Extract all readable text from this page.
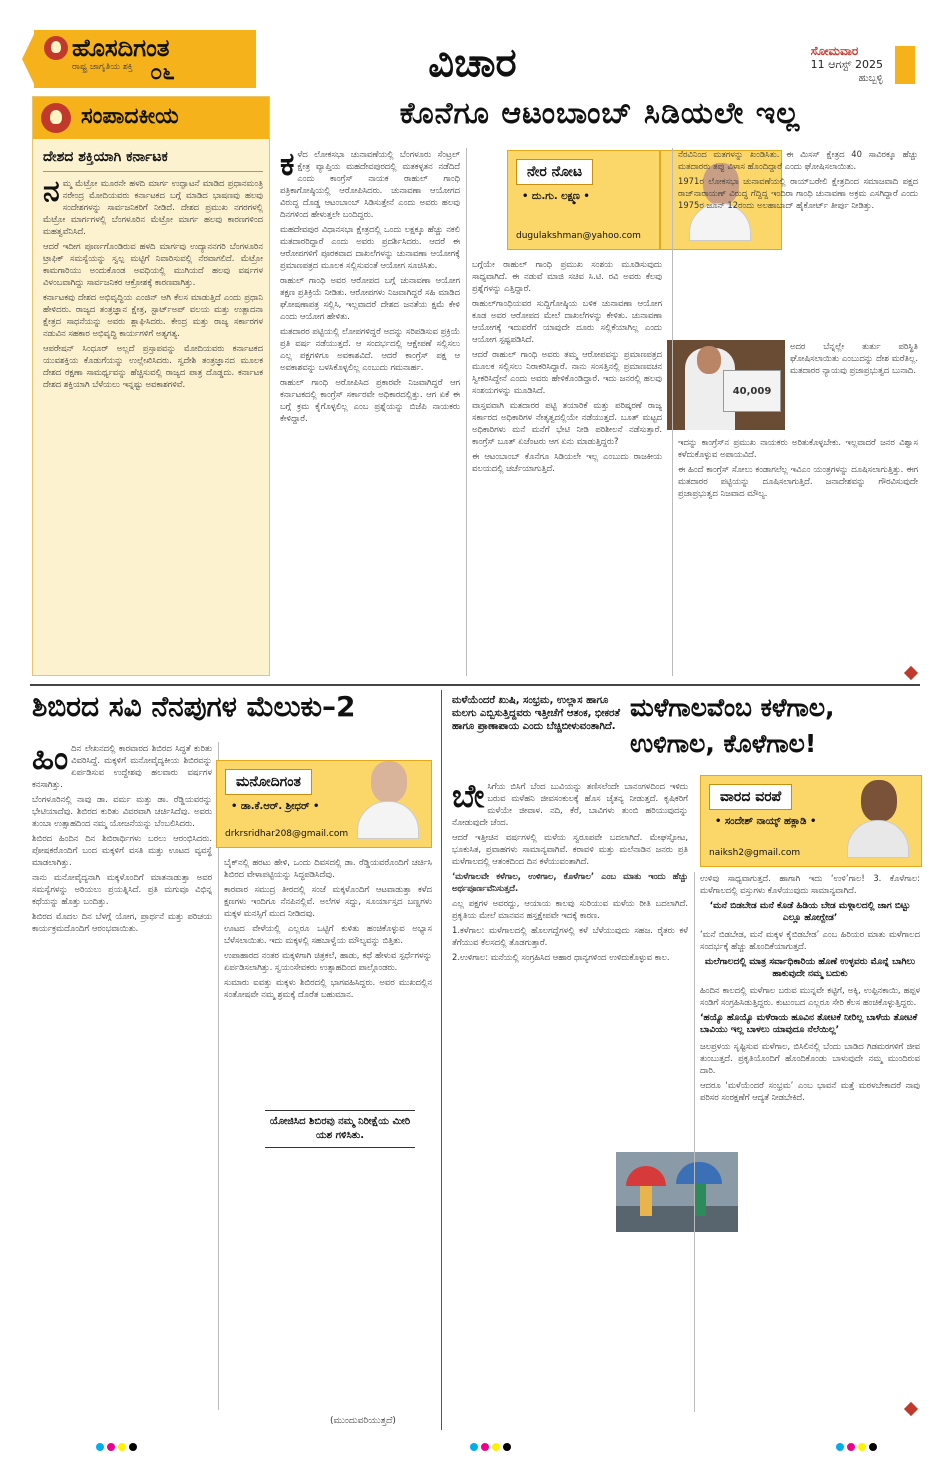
ಹೊಸದಿಗಂತ
ರಾಷ್ಟ್ರ ಜಾಗೃತಿಯ ಶಕ್ತಿ ೦೬	ವಿಚಾರ	ಸೋಮವಾರ
11 ಆಗಸ್ಟ್ 2025
ಹುಬ್ಬಳ್ಳಿ
ಸಂಪಾದಕೀಯ
ದೇಶದ ಶಕ್ತಿಯಾಗಿ ಕರ್ನಾಟಕ
ನ ಮ್ಮ ಮೆಟ್ರೋ ಮೂರನೇ ಹಳದಿ ಮಾರ್ಗ ಉದ್ಘಾಟನೆ ಮಾಡಿದ ಪ್ರಧಾನಮಂತ್ರಿ ನರೇಂದ್ರ ಮೋದಿಯವರು ಕರ್ನಾಟಕದ ಬಗ್ಗೆ ಮಾಡಿದ ಭಾಷಣವು ಹಲವು ಸಂದೇಶಗಳನ್ನು ಸಾರ್ವಜನಿಕರಿಗೆ ನೀಡಿದೆ. ದೇಶದ ಪ್ರಮುಖ ನಗರಗಳಲ್ಲಿ ಮೆಟ್ರೋ ಮಾರ್ಗಗಳಲ್ಲಿ ಬೆಂಗಳೂರಿನ ಮೆಟ್ರೋ ಮಾರ್ಗ ಹಲವು ಕಾರಣಗಳಿಂದ ಮಹತ್ವವೆನಿಸಿದೆ.

ಆದರೆ ಇದೀಗ ಪೂರ್ಣಗೊಂಡಿರುವ ಹಳದಿ ಮಾರ್ಗವು ಉದ್ಯಾನನಗರಿ ಬೆಂಗಳೂರಿನ ಟ್ರಾಫಿಕ್ ಸಮಸ್ಯೆಯನ್ನು ಸ್ವಲ್ಪ ಮಟ್ಟಿಗೆ ನಿವಾರಿಸುವಲ್ಲಿ ನೆರವಾಗಲಿದೆ. ಮೆಟ್ರೋ ಕಾಮಗಾರಿಯು ಅಂದುಕೊಂಡ ಅವಧಿಯಲ್ಲಿ ಮುಗಿಯದೆ ಹಲವು ವರ್ಷಗಳ ವಿಳಂಬವಾಗಿದ್ದು ಸಾರ್ವಜನಿಕರ ಆಕ್ರೋಶಕ್ಕೆ ಕಾರಣವಾಗಿತ್ತು.

ಕರ್ನಾಟಕವು ದೇಶದ ಅಭಿವೃದ್ಧಿಯ ಎಂಜಿನ್ ಆಗಿ ಕೆಲಸ ಮಾಡುತ್ತಿದೆ ಎಂದು ಪ್ರಧಾನಿ ಹೇಳಿದರು. ರಾಜ್ಯದ ತಂತ್ರಜ್ಞಾನ ಕ್ಷೇತ್ರ, ಸ್ಟಾರ್ಟ್‌ಅಪ್ ವಲಯ ಮತ್ತು ಉತ್ಪಾದನಾ ಕ್ಷೇತ್ರದ ಸಾಧನೆಯನ್ನು ಅವರು ಶ್ಲಾಘಿಸಿದರು. ಕೇಂದ್ರ ಮತ್ತು ರಾಜ್ಯ ಸರ್ಕಾರಗಳ ನಡುವಿನ ಸಹಕಾರ ಅಭಿವೃದ್ಧಿ ಕಾರ್ಯಗಳಿಗೆ ಅತ್ಯಗತ್ಯ.

ಆಪರೇಷನ್ ಸಿಂಧೂರ್ ಅಲ್ಲದೆ ಪ್ರಸ್ತಾಪವನ್ನು ಮೋದಿಯವರು ಕರ್ನಾಟಕದ ಯುವಶಕ್ತಿಯ ಕೊಡುಗೆಯನ್ನು ಉಲ್ಲೇಖಿಸಿದರು. ಸ್ವದೇಶಿ ತಂತ್ರಜ್ಞಾನದ ಮೂಲಕ ದೇಶದ ರಕ್ಷಣಾ ಸಾಮರ್ಥ್ಯವನ್ನು ಹೆಚ್ಚಿಸುವಲ್ಲಿ ರಾಜ್ಯದ ಪಾತ್ರ ದೊಡ್ಡದು. ಕರ್ನಾಟಕ ದೇಶದ ಶಕ್ತಿಯಾಗಿ ಬೆಳೆಯಲು ಇನ್ನಷ್ಟು ಅವಕಾಶಗಳಿವೆ.

ಕೊನೆಗೂ ಆಟಂಬಾಂಬ್ ಸಿಡಿಯಲೇ ಇಲ್ಲ
ಕ ಳೆದ ಲೋಕಸಭಾ ಚುನಾವಣೆಯಲ್ಲಿ ಬೆಂಗಳೂರು ಸೆಂಟ್ರಲ್ ಕ್ಷೇತ್ರ ವ್ಯಾಪ್ತಿಯ ಮಹದೇವಪುರದಲ್ಲಿ ಮತಕಳ್ಳತನ ನಡೆದಿದೆ ಎಂದು ಕಾಂಗ್ರೆಸ್ ನಾಯಕ ರಾಹುಲ್ ಗಾಂಧಿ ಪತ್ರಿಕಾಗೋಷ್ಠಿಯಲ್ಲಿ ಆರೋಪಿಸಿದರು. ಚುನಾವಣಾ ಆಯೋಗದ ವಿರುದ್ಧ ದೊಡ್ಡ ಆಟಂಬಾಂಬ್ ಸಿಡಿಸುತ್ತೇನೆ ಎಂದು ಅವರು ಹಲವು ದಿನಗಳಿಂದ ಹೇಳುತ್ತಲೇ ಬಂದಿದ್ದರು.

ಮಹದೇವಪುರ ವಿಧಾನಸಭಾ ಕ್ಷೇತ್ರದಲ್ಲಿ ಒಂದು ಲಕ್ಷಕ್ಕೂ ಹೆಚ್ಚು ನಕಲಿ ಮತದಾರರಿದ್ದಾರೆ ಎಂದು ಅವರು ಪ್ರದರ್ಶಿಸಿದರು. ಆದರೆ ಈ ಆರೋಪಗಳಿಗೆ ಪೂರಕವಾದ ದಾಖಲೆಗಳನ್ನು ಚುನಾವಣಾ ಆಯೋಗಕ್ಕೆ ಪ್ರಮಾಣಪತ್ರದ ಮೂಲಕ ಸಲ್ಲಿಸುವಂತೆ ಆಯೋಗ ಸೂಚಿಸಿತು.

ರಾಹುಲ್ ಗಾಂಧಿ ಅವರ ಆರೋಪದ ಬಗ್ಗೆ ಚುನಾವಣಾ ಆಯೋಗ ತಕ್ಷಣ ಪ್ರತಿಕ್ರಿಯೆ ನೀಡಿತು. ಆರೋಪಗಳು ನಿಜವಾಗಿದ್ದರೆ ಸಹಿ ಮಾಡಿದ ಘೋಷಣಾಪತ್ರ ಸಲ್ಲಿಸಿ, ಇಲ್ಲವಾದರೆ ದೇಶದ ಜನತೆಯ ಕ್ಷಮೆ ಕೇಳಿ ಎಂದು ಆಯೋಗ ಹೇಳಿತು.

ಮತದಾರರ ಪಟ್ಟಿಯಲ್ಲಿ ಲೋಪಗಳಿದ್ದರೆ ಅದನ್ನು ಸರಿಪಡಿಸುವ ಪ್ರಕ್ರಿಯೆ ಪ್ರತಿ ವರ್ಷ ನಡೆಯುತ್ತದೆ. ಆ ಸಂದರ್ಭದಲ್ಲಿ ಆಕ್ಷೇಪಣೆ ಸಲ್ಲಿಸಲು ಎಲ್ಲ ಪಕ್ಷಗಳಿಗೂ ಅವಕಾಶವಿದೆ. ಆದರೆ ಕಾಂಗ್ರೆಸ್ ಪಕ್ಷ ಆ ಅವಕಾಶವನ್ನು ಬಳಸಿಕೊಳ್ಳಲಿಲ್ಲ ಎಂಬುದು ಗಮನಾರ್ಹ.

ರಾಹುಲ್ ಗಾಂಧಿ ಅರೋಪಿಸಿದ ಪ್ರಕಾರವೇ ನಿಜವಾಗಿದ್ದರೆ ಆಗ ಕರ್ನಾಟಕದಲ್ಲಿ ಕಾಂಗ್ರೆಸ್ ಸರ್ಕಾರವೇ ಅಧಿಕಾರದಲ್ಲಿತ್ತು. ಆಗ ಏಕೆ ಈ ಬಗ್ಗೆ ಕ್ರಮ ಕೈಗೊಳ್ಳಲಿಲ್ಲ ಎಂಬ ಪ್ರಶ್ನೆಯನ್ನು ಬಿಜೆಪಿ ನಾಯಕರು ಕೇಳಿದ್ದಾರೆ.

ನೇರ ನೋಟ
• ದು.ಗು. ಲಕ್ಷ್ಮಣ •
dugulakshman@yahoo.com

ಬಗ್ಗೆಯೇ ರಾಹುಲ್ ಗಾಂಧಿ ಪ್ರಮುಖ ಸಂಶಯ ಮೂಡಿಸುವುದು ಸಾಧ್ಯವಾಗಿದೆ. ಈ ನಡುವೆ ಮಾಜಿ ಸಚಿವ ಸಿ.ಟಿ. ರವಿ ಅವರು ಕೆಲವು ಪ್ರಶ್ನೆಗಳನ್ನು ಎತ್ತಿದ್ದಾರೆ.

ರಾಹುಲ್‌ಗಾಂಧಿಯವರ ಸುದ್ದಿಗೋಷ್ಠಿಯ ಬಳಿಕ ಚುನಾವಣಾ ಆಯೋಗ ಕೂಡ ಅವರ ಆರೋಪದ ಮೇಲೆ ದಾಖಲೆಗಳನ್ನು ಕೇಳಿತು. ಚುನಾವಣಾ ಆಯೋಗಕ್ಕೆ ಇದುವರೆಗೆ ಯಾವುದೇ ದೂರು ಸಲ್ಲಿಕೆಯಾಗಿಲ್ಲ ಎಂದು ಆಯೋಗ ಸ್ಪಷ್ಟಪಡಿಸಿದೆ.

ಆದರೆ ರಾಹುಲ್ ಗಾಂಧಿ ಅವರು ತಮ್ಮ ಆರೋಪವನ್ನು ಪ್ರಮಾಣಪತ್ರದ ಮೂಲಕ ಸಲ್ಲಿಸಲು ನಿರಾಕರಿಸಿದ್ದಾರೆ. ನಾನು ಸಂಸತ್ತಿನಲ್ಲಿ ಪ್ರಮಾಣವಚನ ಸ್ವೀಕರಿಸಿದ್ದೇನೆ ಎಂದು ಅವರು ಹೇಳಿಕೊಂಡಿದ್ದಾರೆ. ಇದು ಜನರಲ್ಲಿ ಹಲವು ಸಂಶಯಗಳನ್ನು ಮೂಡಿಸಿದೆ.

ವಾಸ್ತವವಾಗಿ ಮತದಾರರ ಪಟ್ಟಿ ತಯಾರಿಕೆ ಮತ್ತು ಪರಿಷ್ಕರಣೆ ರಾಜ್ಯ ಸರ್ಕಾರದ ಅಧಿಕಾರಿಗಳ ನೇತೃತ್ವದಲ್ಲಿಯೇ ನಡೆಯುತ್ತದೆ. ಬೂತ್ ಮಟ್ಟದ ಅಧಿಕಾರಿಗಳು ಮನೆ ಮನೆಗೆ ಭೇಟಿ ನೀಡಿ ಪರಿಶೀಲನೆ ನಡೆಸುತ್ತಾರೆ. ಕಾಂಗ್ರೆಸ್ ಬೂತ್ ಏಜೆಂಟರು ಆಗ ಏನು ಮಾಡುತ್ತಿದ್ದರು?

ಈ ಆಟಂಬಾಂಬ್ ಕೊನೆಗೂ ಸಿಡಿಯಲೇ ಇಲ್ಲ ಎಂಬುದು ರಾಜಕೀಯ ವಲಯದಲ್ಲಿ ಚರ್ಚೆಯಾಗುತ್ತಿದೆ.

40,009

ನೆರವಿನಿಂದ ಮತಗಳನ್ನು ಖಂಡಿಸಿತು. ಈ ಮಿಸಸ್ ಕ್ಷೇತ್ರದ 40 ಸಾವಿರಕ್ಕೂ ಹೆಚ್ಚು ಮತದಾರರು ತಪ್ಪು ವಿಳಾಸ ಹೊಂದಿದ್ದಾರೆ ಎಂದು ಘೋಷಿಸಲಾಯಿತು.

1971ರ ಲೋಕಸಭಾ ಚುನಾವಣೆಯಲ್ಲಿ ರಾಯ್‌ಬರೇಲಿ ಕ್ಷೇತ್ರದಿಂದ ಸಮಾಜವಾದಿ ಪಕ್ಷದ ರಾಜ್‌ನಾರಾಯಣ್ ವಿರುದ್ಧ ಗೆದ್ದಿದ್ದ ಇಂದಿರಾ ಗಾಂಧಿ ಚುನಾವಣಾ ಅಕ್ರಮ ಎಸಗಿದ್ದಾರೆ ಎಂದು 1975ರ ಜೂನ್ 12ರಂದು ಅಲಹಾಬಾದ್ ಹೈಕೋರ್ಟ್ ತೀರ್ಪು ನೀಡಿತ್ತು.

ಅದರ ಬೆನ್ನಲ್ಲೇ ತುರ್ತು ಪರಿಸ್ಥಿತಿ ಘೋಷಿಸಲಾಯಿತು ಎಂಬುದನ್ನು ದೇಶ ಮರೆತಿಲ್ಲ. ಮತದಾರರ ನ್ಯಾಯವು ಪ್ರಜಾಪ್ರಭುತ್ವದ ಬುನಾದಿ.

ಇದನ್ನು ಕಾಂಗ್ರೆಸ್‌ನ ಪ್ರಮುಖ ನಾಯಕರು ಅರಿತುಕೊಳ್ಳಬೇಕು. ಇಲ್ಲವಾದರೆ ಜನರ ವಿಶ್ವಾಸ ಕಳೆದುಕೊಳ್ಳುವ ಅಪಾಯವಿದೆ.

ಈ ಹಿಂದೆ ಕಾಂಗ್ರೆಸ್ ಸೋಲು ಕಂಡಾಗಲೆಲ್ಲ ಇವಿಎಂ ಯಂತ್ರಗಳನ್ನು ದೂಷಿಸಲಾಗುತ್ತಿತ್ತು. ಈಗ ಮತದಾರರ ಪಟ್ಟಿಯನ್ನು ದೂಷಿಸಲಾಗುತ್ತಿದೆ. ಜನಾದೇಶವನ್ನು ಗೌರವಿಸುವುದೇ ಪ್ರಜಾಪ್ರಭುತ್ವದ ನಿಜವಾದ ಮೌಲ್ಯ.

ಶಿಬಿರದ ಸವಿ ನೆನಪುಗಳ ಮೆಲುಕು–2
ಹಿಂ ದಿನ ಲೇಖನದಲ್ಲಿ ಕಾರವಾರದ ಶಿಬಿರದ ಸಿದ್ಧತೆ ಕುರಿತು ವಿವರಿಸಿದ್ದೆ. ಮಕ್ಕಳಿಗೆ ಮನೋವೈದ್ಯಕೀಯ ಶಿಬಿರವನ್ನು ಏರ್ಪಡಿಸುವ ಉದ್ದೇಶವು ಹಲವಾರು ವರ್ಷಗಳ ಕನಸಾಗಿತ್ತು.

ಬೆಂಗಳೂರಿನಲ್ಲಿ ನಾವು ಡಾ. ವರ್ಮ ಮತ್ತು ಡಾ. ರೆಡ್ಡಿಯವರನ್ನು ಭೇಟಿಯಾದೆವು. ಶಿಬಿರದ ಕುರಿತು ವಿವರವಾಗಿ ಚರ್ಚಿಸಿದೆವು. ಅವರು ತುಂಬಾ ಉತ್ಸಾಹದಿಂದ ನಮ್ಮ ಯೋಜನೆಯನ್ನು ಬೆಂಬಲಿಸಿದರು.

ಶಿಬಿರದ ಹಿಂದಿನ ದಿನ ಶಿಬಿರಾರ್ಥಿಗಳು ಬರಲು ಆರಂಭಿಸಿದರು. ಪೋಷಕರೊಂದಿಗೆ ಬಂದ ಮಕ್ಕಳಿಗೆ ವಸತಿ ಮತ್ತು ಊಟದ ವ್ಯವಸ್ಥೆ ಮಾಡಲಾಗಿತ್ತು.

ನಾನು ಮನೋವೈದ್ಯನಾಗಿ ಮಕ್ಕಳೊಂದಿಗೆ ಮಾತನಾಡುತ್ತಾ ಅವರ ಸಮಸ್ಯೆಗಳನ್ನು ಅರಿಯಲು ಪ್ರಯತ್ನಿಸಿದೆ. ಪ್ರತಿ ಮಗುವೂ ವಿಭಿನ್ನ ಕಥೆಯನ್ನು ಹೊತ್ತು ಬಂದಿತ್ತು.

ಶಿಬಿರದ ಮೊದಲ ದಿನ ಬೆಳಗ್ಗೆ ಯೋಗ, ಪ್ರಾರ್ಥನೆ ಮತ್ತು ಪರಿಚಯ ಕಾರ್ಯಕ್ರಮದೊಂದಿಗೆ ಆರಂಭವಾಯಿತು.

ಮನೋದಿಗಂತ
• ಡಾ.ಕೆ.ಆರ್. ಶ್ರೀಧರ್ •
drkrsridhar208@gmail.com

ಬೈಕ್‌ನಲ್ಲಿ ಹರಟು ಹೇಳಿ, ಒಂದು ದಿವಸದಲ್ಲಿ ಡಾ. ರೆಡ್ಡಿಯವರೊಂದಿಗೆ ಚರ್ಚಿಸಿ ಶಿಬಿರದ ವೇಳಾಪಟ್ಟಿಯನ್ನು ಸಿದ್ಧಪಡಿಸಿದೆವು.

ಕಾರವಾರ ಸಮುದ್ರ ತೀರದಲ್ಲಿ ಸಂಜೆ ಮಕ್ಕಳೊಂದಿಗೆ ಆಟವಾಡುತ್ತಾ ಕಳೆದ ಕ್ಷಣಗಳು ಇಂದಿಗೂ ನೆನಪಿನಲ್ಲಿವೆ. ಅಲೆಗಳ ಸದ್ದು, ಸೂರ್ಯಾಸ್ತದ ಬಣ್ಣಗಳು ಮಕ್ಕಳ ಮನಸ್ಸಿಗೆ ಮುದ ನೀಡಿದವು.

ಊಟದ ವೇಳೆಯಲ್ಲಿ ಎಲ್ಲರೂ ಒಟ್ಟಿಗೆ ಕುಳಿತು ಹಂಚಿಕೊಳ್ಳುವ ಅಭ್ಯಾಸ ಬೆಳೆಸಲಾಯಿತು. ಇದು ಮಕ್ಕಳಲ್ಲಿ ಸಹಬಾಳ್ವೆಯ ಮೌಲ್ಯವನ್ನು ಬಿತ್ತಿತು.

ಉಪಾಹಾರದ ನಂತರ ಮಕ್ಕಳಿಗಾಗಿ ಚಿತ್ರಕಲೆ, ಹಾಡು, ಕಥೆ ಹೇಳುವ ಸ್ಪರ್ಧೆಗಳನ್ನು ಏರ್ಪಡಿಸಲಾಗಿತ್ತು. ಸ್ವಯಂಸೇವಕರು ಉತ್ಸಾಹದಿಂದ ಪಾಲ್ಗೊಂಡರು.

ಸುಮಾರು ಐವತ್ತು ಮಕ್ಕಳು ಶಿಬಿರದಲ್ಲಿ ಭಾಗವಹಿಸಿದ್ದರು. ಅವರ ಮುಖದಲ್ಲಿನ ಸಂತೋಷವೇ ನಮ್ಮ ಶ್ರಮಕ್ಕೆ ದೊರೆತ ಬಹುಮಾನ.

ಯೋಜಿಸಿದ ಶಿಬಿರವು ನಮ್ಮ ನಿರೀಕ್ಷೆಯ ಮೀರಿ ಯಶ ಗಳಿಸಿತು.
(ಮುಂದುವರಿಯುತ್ತದೆ)
ಮಳೆಯೆಂದರೆ ಖುಷಿ, ಸಂಭ್ರಮ, ಉಲ್ಲಾಸ ಹಾಗೂ ಮಲಗು ಎಬ್ಬಿಸುತ್ತಿದ್ದವರು ಇತ್ತೀಚೆಗೆ ಆತಂಕ, ಭೀಕರತೆ ಹಾಗೂ ಪ್ರಾಣಾಪಾಯ ಎಂದು ಬೆಚ್ಚಿಬೀಳುವಂತಾಗಿದೆ.
ಮಳೆಗಾಲವೆಂಬ ಕಳೆಗಾಲ, ಉಳಿಗಾಲ, ಕೊಳೆಗಾಲ!
ವಾರದ ವರಪೆ
• ಸಂದೇಶ್ ನಾಯ್ಕ್ ಹಕ್ಲಾಡಿ •
naiksh2@gmail.com
ಬೇ ಸಿಗೆಯ ಬಿಸಿಗೆ ಬೆಂದ ಬುವಿಯನ್ನು ತಣಿಸಲೆಂದೇ ಬಾನಂಗಳದಿಂದ ಇಳಿದು ಬರುವ ಮಳೆಹನಿ ಜೀವಸಂಕುಲಕ್ಕೆ ಹೊಸ ಚೈತನ್ಯ ನೀಡುತ್ತದೆ. ಕೃಷಿಕರಿಗೆ ಮಳೆಯೇ ಜೀವಾಳ. ನದಿ, ಕೆರೆ, ಬಾವಿಗಳು ತುಂಬಿ ಹರಿಯುವುದನ್ನು ನೋಡುವುದೇ ಚೆಂದ.

ಆದರೆ ಇತ್ತೀಚಿನ ವರ್ಷಗಳಲ್ಲಿ ಮಳೆಯ ಸ್ವರೂಪವೇ ಬದಲಾಗಿದೆ. ಮೇಘಸ್ಫೋಟ, ಭೂಕುಸಿತ, ಪ್ರವಾಹಗಳು ಸಾಮಾನ್ಯವಾಗಿವೆ. ಕರಾವಳಿ ಮತ್ತು ಮಲೆನಾಡಿನ ಜನರು ಪ್ರತಿ ಮಳೆಗಾಲದಲ್ಲಿ ಆತಂಕದಿಂದ ದಿನ ಕಳೆಯುವಂತಾಗಿದೆ.

‘ಮಳೆಗಾಲವೇ ಕಳೆಗಾಲ, ಉಳಿಗಾಲ, ಕೊಳೆಗಾಲ’ ಎಂಬ ಮಾತು ಇಂದು ಹೆಚ್ಚು ಅರ್ಥಪೂರ್ಣವೆನಿಸುತ್ತದೆ.

ಎಲ್ಲ ಪಕ್ಷಗಳ ಅವರದ್ದು, ಆಯಾಯ ಕಾಲವು ಸುರಿಯುವ ಮಳೆಯ ರೀತಿ ಬದಲಾಗಿದೆ. ಪ್ರಕೃತಿಯ ಮೇಲೆ ಮಾನವನ ಹಸ್ತಕ್ಷೇಪವೇ ಇದಕ್ಕೆ ಕಾರಣ.

1.ಕಳೆಗಾಲ: ಮಳೆಗಾಲದಲ್ಲಿ ಹೊಲಗದ್ದೆಗಳಲ್ಲಿ ಕಳೆ ಬೆಳೆಯುವುದು ಸಹಜ. ರೈತರು ಕಳೆ ತೆಗೆಯುವ ಕೆಲಸದಲ್ಲಿ ತೊಡಗುತ್ತಾರೆ.

2.ಉಳಿಗಾಲ: ಮನೆಯಲ್ಲಿ ಸಂಗ್ರಹಿಸಿದ ಆಹಾರ ಧಾನ್ಯಗಳಿಂದ ಉಳಿದುಕೊಳ್ಳುವ ಕಾಲ.

ಉಳಿವು ಸಾಧ್ಯವಾಗುತ್ತದೆ. ಹಾಗಾಗಿ ಇದು ‘ಉಳಿ’ಗಾಲ! 3. ಕೊಳೆಗಾಲ: ಮಳೆಗಾಲದಲ್ಲಿ ವಸ್ತುಗಳು ಕೊಳೆಯುವುದು ಸಾಮಾನ್ಯವಾಗಿದೆ.

‘ಮನೆ ಬಿಡಬೇಡ ಮನೆ ಕೊಡೆ ಹಿಡಿಯ ಬೇಡ ಮಳ್ಗಾಲದಲ್ಲಿ ಜಾಗ ಬಿಟ್ಟು ಎಲ್ಲೂ ಹೋಗ್ಬೇಡ’

‘ಮನೆ ಬಿಡಬೇಡ, ಮನೆ ಮಕ್ಕಳ ಕೈಬಿಡಬೇಡ’ ಎಂಬ ಹಿರಿಯರ ಮಾತು ಮಳೆಗಾಲದ ಸಂದರ್ಭಕ್ಕೆ ಹೆಚ್ಚು ಹೊಂದಿಕೆಯಾಗುತ್ತದೆ.

ಮಲೆಗಾಲದಲ್ಲಿ ಮಾತ್ರ ಸರ್ವಾಧಿಕಾರಿಯ ಹೊಣೆ ಉಳ್ಳವರು ಮೊನ್ನೆ ಬಾಗಿಲು ಹಾಕುವುದೇ ನಮ್ಮ ಬದುಕು

ಹಿಂದಿನ ಕಾಲದಲ್ಲಿ ಮಳೆಗಾಲ ಬರುವ ಮುನ್ನವೇ ಕಟ್ಟಿಗೆ, ಅಕ್ಕಿ, ಉಪ್ಪಿನಕಾಯಿ, ಹಪ್ಪಳ ಸಂಡಿಗೆ ಸಂಗ್ರಹಿಸಿಡುತ್ತಿದ್ದರು. ಕುಟುಂಬದ ಎಲ್ಲರೂ ಸೇರಿ ಕೆಲಸ ಹಂಚಿಕೊಳ್ಳುತ್ತಿದ್ದರು.

‘ಹಯ್ಯೊ ಹೊಯ್ಯೊ ಮಳೆರಾಯ ಹೂವಿನ ತೋಟಕೆ ನೀರಿಲ್ಲ ಬಾಳೆಯ ತೋಟಕೆ ಬಾವಿಯು ಇಲ್ಲ ಬಾಳಲು ಯಾವುದೂ ನೆಲೆಯಿಲ್ಲ’

ಜಲಪ್ರಳಯ ಸೃಷ್ಟಿಸುವ ಮಳೆಗಾಲ, ಬಿಸಿಲಿನಲ್ಲಿ ಬೆಂದು ಬಾಡಿದ ಗಿಡಮರಗಳಿಗೆ ಜೀವ ತುಂಬುತ್ತದೆ. ಪ್ರಕೃತಿಯೊಂದಿಗೆ ಹೊಂದಿಕೊಂಡು ಬಾಳುವುದೇ ನಮ್ಮ ಮುಂದಿರುವ ದಾರಿ.

ಆದರೂ ‘ಮಳೆಯೆಂದರೆ ಸಂಭ್ರಮ’ ಎಂಬ ಭಾವನೆ ಮತ್ತೆ ಮರಳಬೇಕಾದರೆ ನಾವು ಪರಿಸರ ಸಂರಕ್ಷಣೆಗೆ ಆದ್ಯತೆ ನೀಡಬೇಕಿದೆ.
